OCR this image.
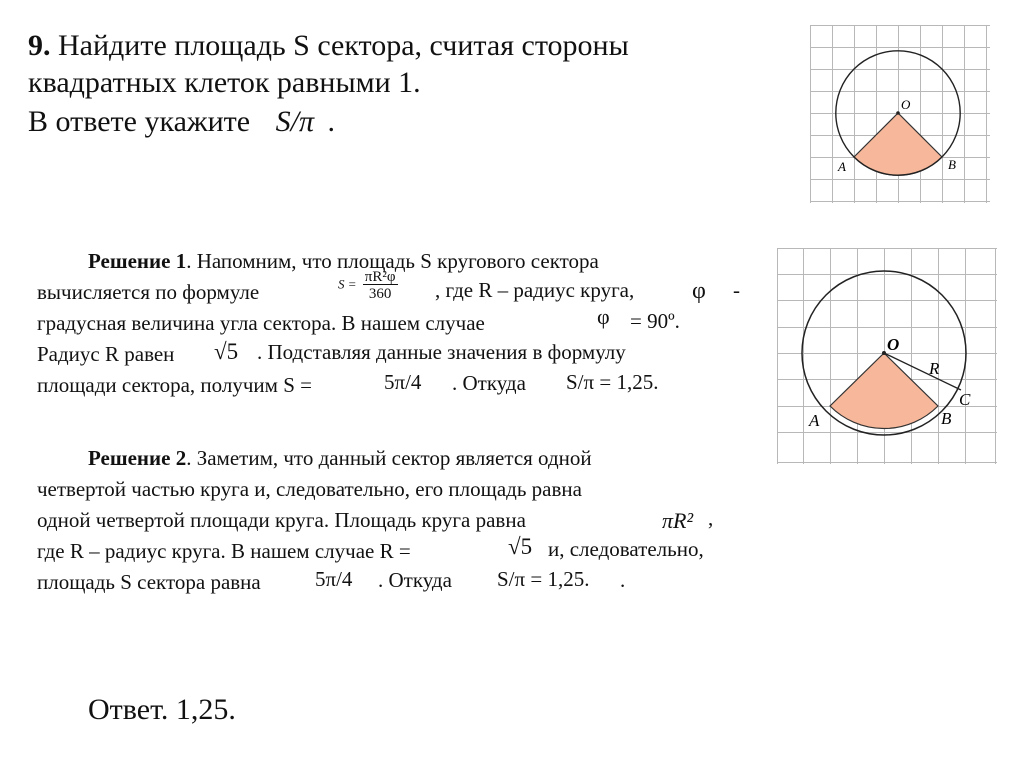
9. Найдите площадь S сектора, считая стороны
квадратных клеток равными 1.
В ответе укажите S/π .
O
A	B
Решение 1. Напомним, что площадь S кругового сектора
вычисляется по формуле
градусная величина угла сектора. В нашем случае
Радиус R равен
площади сектора, получим S =
$S = \frac{\text{πR²φ}}{360}$ , где R – радиус круга, φ -
φ = 90º.
√5 . Подставляя данные значения в формулу
5π/4 . Откуда S/π = 1,25.
O
R
C
A	B
Решение 2. Заметим, что данный сектор является одной
четвертой частью круга и, следовательно, его площадь равна
одной четвертой площади круга. Площадь круга равна
где R – радиус круга. В нашем случае R =
площадь S сектора равна
πR² ,
√5 и, следовательно,
5π/4 . Откуда S/π = 1,25. .
Ответ. 1,25.
